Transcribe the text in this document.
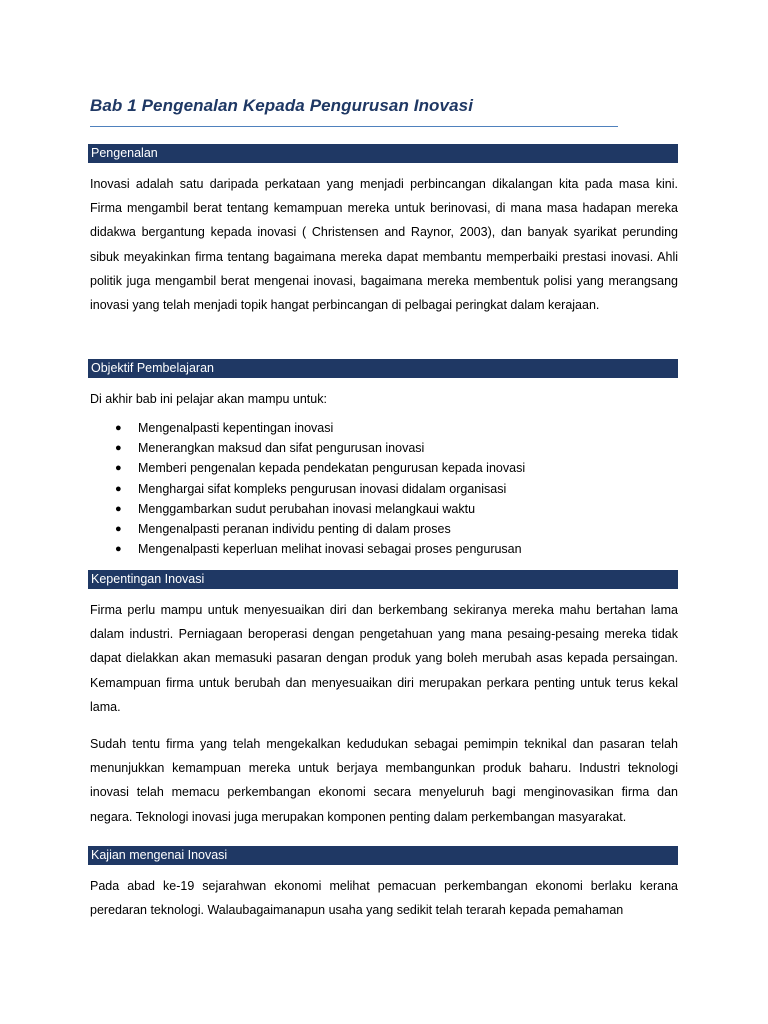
Bab 1 Pengenalan Kepada Pengurusan Inovasi
Pengenalan

Inovasi adalah satu daripada perkataan yang menjadi perbincangan dikalangan kita pada masa kini. Firma mengambil berat tentang kemampuan mereka untuk berinovasi, di mana masa hadapan mereka didakwa bergantung kepada inovasi ( Christensen and Raynor, 2003), dan banyak syarikat perunding sibuk meyakinkan firma tentang bagaimana mereka dapat membantu memperbaiki prestasi inovasi. Ahli politik juga mengambil berat mengenai inovasi, bagaimana mereka membentuk polisi yang merangsang inovasi yang telah menjadi topik hangat perbincangan di pelbagai peringkat dalam kerajaan.

Objektif Pembelajaran

Di akhir bab ini pelajar akan mampu untuk:

● Mengenalpasti kepentingan inovasi
● Menerangkan maksud dan sifat pengurusan inovasi
● Memberi pengenalan kepada pendekatan pengurusan kepada inovasi
● Menghargai sifat kompleks pengurusan inovasi didalam organisasi
● Menggambarkan sudut perubahan inovasi melangkaui waktu
● Mengenalpasti peranan individu penting di dalam proses
● Mengenalpasti keperluan melihat inovasi sebagai proses pengurusan
Kepentingan Inovasi

Firma perlu mampu untuk menyesuaikan diri dan berkembang sekiranya mereka mahu bertahan lama dalam industri. Perniagaan beroperasi dengan pengetahuan yang mana pesaing-pesaing mereka tidak dapat dielakkan akan memasuki pasaran dengan produk yang boleh merubah asas kepada persaingan. Kemampuan firma untuk berubah dan menyesuaikan diri merupakan perkara penting untuk terus kekal lama.

Sudah tentu firma yang telah mengekalkan kedudukan sebagai pemimpin teknikal dan pasaran telah menunjukkan kemampuan mereka untuk berjaya membangunkan produk baharu. Industri teknologi inovasi telah memacu perkembangan ekonomi secara menyeluruh bagi menginovasikan firma dan negara. Teknologi inovasi juga merupakan komponen penting dalam perkembangan masyarakat.

Kajian mengenai Inovasi

Pada abad ke-19 sejarahwan ekonomi melihat pemacuan perkembangan ekonomi berlaku kerana peredaran teknologi. Walaubagaimanapun usaha yang sedikit telah terarah kepada pemahaman
